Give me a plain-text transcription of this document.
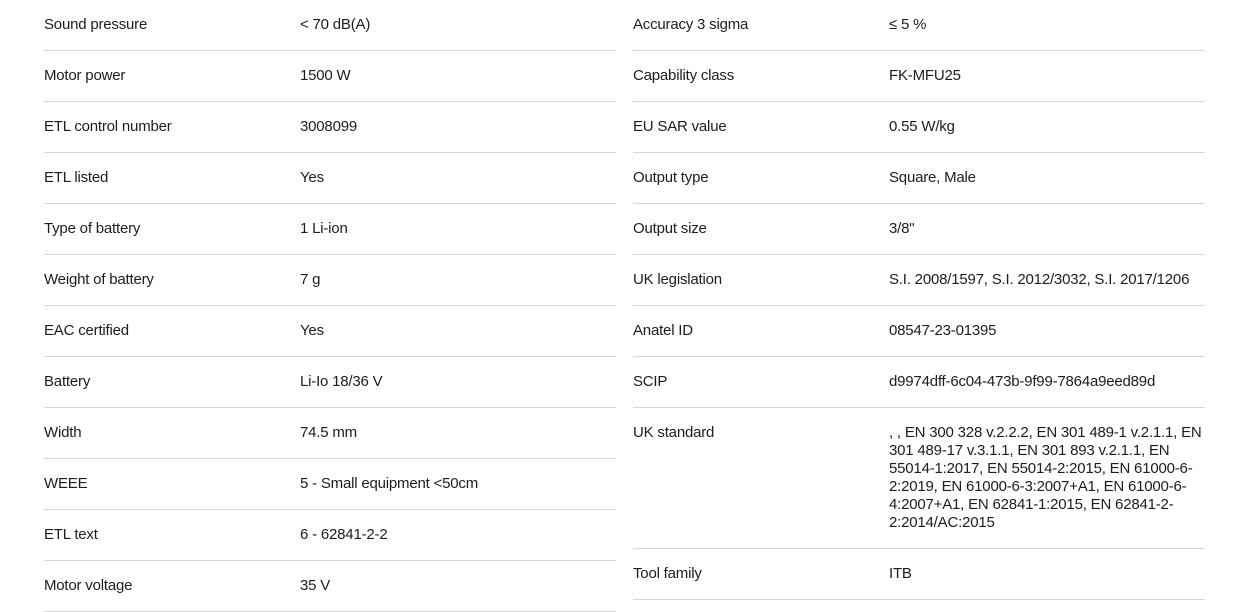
Sound pressure	< 70 dB(A)
Motor power	1500 W
ETL control number	3008099
ETL listed	Yes
Type of battery	1 Li-ion
Weight of battery	7 g
EAC certified	Yes
Battery	Li-Io 18/36 V
Width	74.5 mm
WEEE	5 - Small equipment <50cm
ETL text	6 - 62841-2-2
Motor voltage	35 V
Accuracy 3 sigma	≤ 5 %
Capability class	FK-MFU25
EU SAR value	0.55 W/kg
Output type	Square, Male
Output size	3/8"
UK legislation	S.I. 2008/1597, S.I. 2012/3032, S.I. 2017/1206
Anatel ID	08547-23-01395
SCIP	d9974dff-6c04-473b-9f99-7864a9eed89d
UK standard	, , EN 300 328 v.2.2.2, EN 301 489-1 v.2.1.1, EN 301 489-17 v.3.1.1, EN 301 893 v.2.1.1, EN 55014-1:2017, EN 55014-2:2015, EN 61000-6-2:2019, EN 61000-6-3:2007+A1, EN 61000-6-4:2007+A1, EN 62841-1:2015, EN 62841-2-2:2014/AC:2015
Tool family	ITB
